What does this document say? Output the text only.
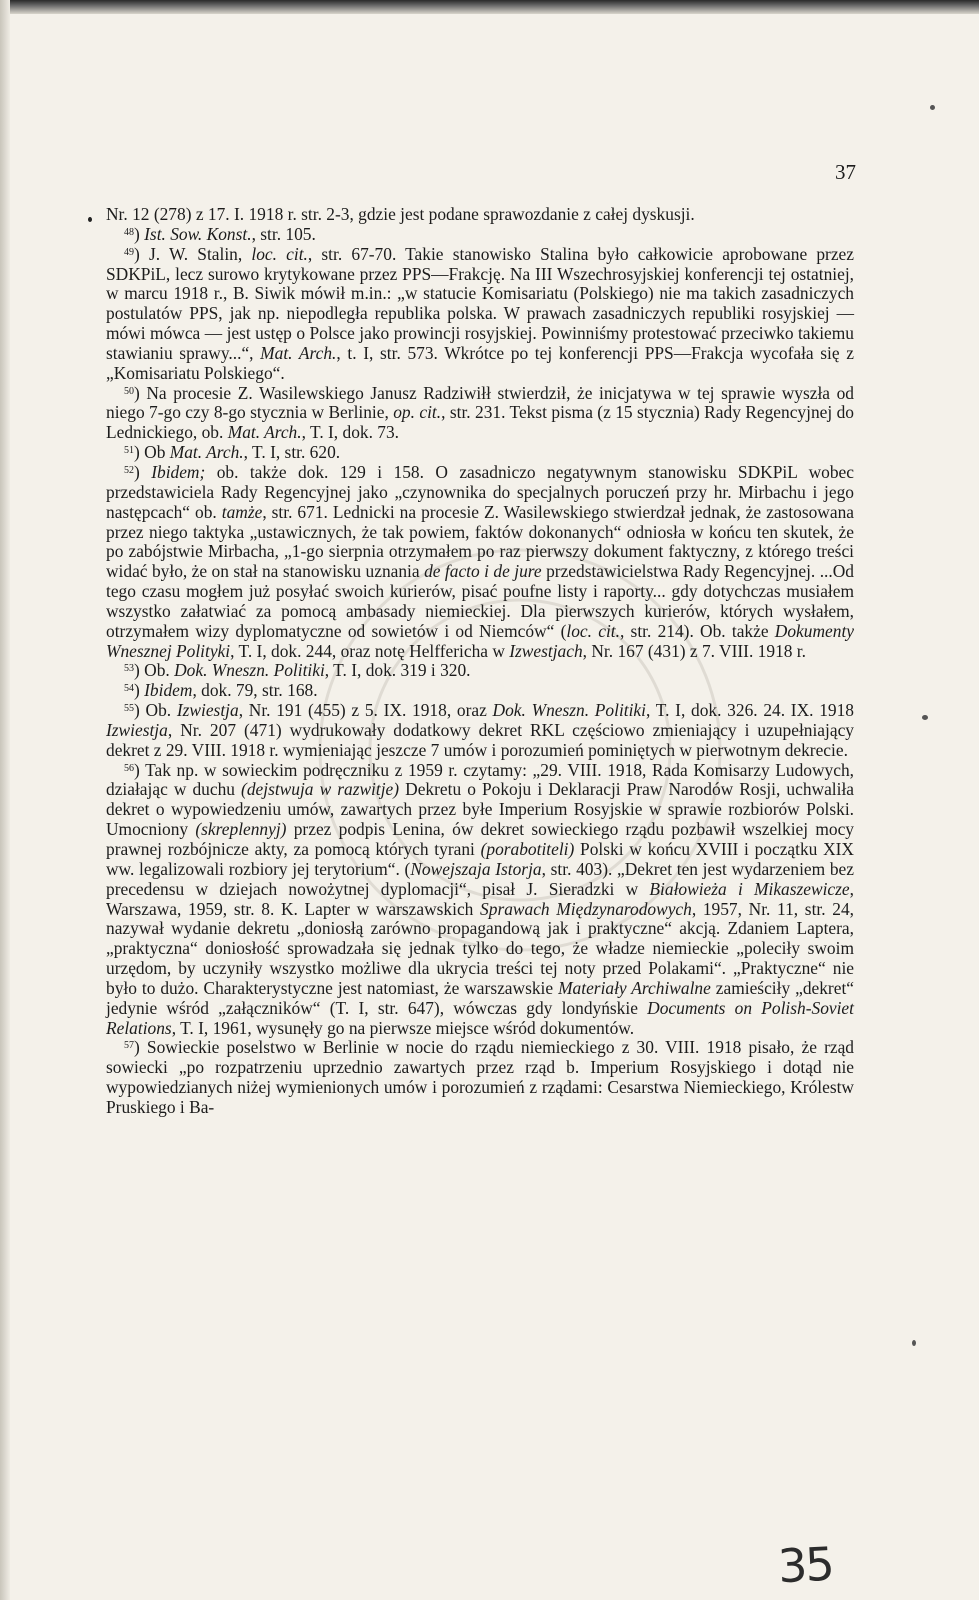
37

Nr. 12 (278) z 17. I. 1918 r. str. 2-3, gdzie jest podane sprawozdanie z całej dyskusji.

$^{48}$) Ist. Sow. Konst., str. 105.

$^{49}$) J. W. Stalin, loc. cit., str. 67-70. Takie stanowisko Stalina było całkowicie aprobowane przez SDKPiL, lecz surowo krytykowane przez PPS—Frakcję. Na III Wszechrosyjskiej konferencji tej ostatniej, w marcu 1918 r., B. Siwik mówił m.in.: „w statucie Komisariatu (Polskiego) nie ma takich zasadniczych postulatów PPS, jak np. niepodległa republika polska. W prawach zasadniczych republiki rosyjskiej — mówi mówca — jest ustęp o Polsce jako prowincji rosyjskiej. Powinniśmy protestować przeciwko takiemu stawianiu sprawy...“, Mat. Arch., t. I, str. 573. Wkrótce po tej konferencji PPS—Frakcja wycofała się z „Komisariatu Polskiego“.

$^{50}$) Na procesie Z. Wasilewskiego Janusz Radziwiłł stwierdził, że inicjatywa w tej sprawie wyszła od niego 7-go czy 8-go stycznia w Berlinie, op. cit., str. 231. Tekst pisma (z 15 stycznia) Rady Regencyjnej do Lednickiego, ob. Mat. Arch., T. I, dok. 73.

$^{51}$) Ob Mat. Arch., T. I, str. 620.

$^{52}$) Ibidem; ob. także dok. 129 i 158. O zasadniczo negatywnym stanowisku SDKPiL wobec przedstawiciela Rady Regencyjnej jako „czynownika do specjalnych poruczeń przy hr. Mirbachu i jego następcach“ ob. tamże, str. 671. Lednicki na procesie Z. Wasilewskiego stwierdzał jednak, że zastosowana przez niego taktyka „ustawicznych, że tak powiem, faktów dokonanych“ odniosła w końcu ten skutek, że po zabójstwie Mirbacha, „1-go sierpnia otrzymałem po raz pierwszy dokument faktyczny, z którego treści widać było, że on stał na stanowisku uznania de facto i de jure przedstawicielstwa Rady Regencyjnej. ...Od tego czasu mogłem już posyłać swoich kurierów, pisać poufne listy i raporty... gdy dotychczas musiałem wszystko załatwiać za pomocą ambasady niemieckiej. Dla pierwszych kurierów, których wysłałem, otrzymałem wizy dyplomatyczne od sowietów i od Niemców“ (loc. cit., str. 214). Ob. także Dokumenty Wnesznej Polityki, T. I, dok. 244, oraz notę Helffericha w Izwestjach, Nr. 167 (431) z 7. VIII. 1918 r.

$^{53}$) Ob. Dok. Wneszn. Politiki, T. I, dok. 319 i 320.

$^{54}$) Ibidem, dok. 79, str. 168.

$^{55}$) Ob. Izwiestja, Nr. 191 (455) z 5. IX. 1918, oraz Dok. Wneszn. Politiki, T. I, dok. 326. 24. IX. 1918 Izwiestja, Nr. 207 (471) wydrukowały dodatkowy dekret RKL częściowo zmieniający i uzupełniający dekret z 29. VIII. 1918 r. wymieniając jeszcze 7 umów i porozumień pominiętych w pierwotnym dekrecie.

$^{56}$) Tak np. w sowieckim podręczniku z 1959 r. czytamy: „29. VIII. 1918, Rada Komisarzy Ludowych, działając w duchu (dejstwuja w razwitje) Dekretu o Pokoju i Deklaracji Praw Narodów Rosji, uchwaliła dekret o wypowiedzeniu umów, zawartych przez byłe Imperium Rosyjskie w sprawie rozbiorów Polski. Umocniony (skreplennyj) przez podpis Lenina, ów dekret sowieckiego rządu pozbawił wszelkiej mocy prawnej rozbójnicze akty, za pomocą których tyrani (porabotiteli) Polski w końcu XVIII i początku XIX ww. legalizowali rozbiory jej terytorium“. (Nowejszaja Istorja, str. 403). „Dekret ten jest wydarzeniem bez precedensu w dziejach nowożytnej dyplomacji“, pisał J. Sieradzki w Białowieża i Mikaszewicze, Warszawa, 1959, str. 8. K. Lapter w warszawskich Sprawach Międzynarodowych, 1957, Nr. 11, str. 24, nazywał wydanie dekretu „doniosłą zarówno propagandową jak i praktyczne“ akcją. Zdaniem Laptera, „praktyczna“ doniosłość sprowadzała się jednak tylko do tego, że władze niemieckie „poleciły swoim urzędom, by uczyniły wszystko możliwe dla ukrycia treści tej noty przed Polakami“. „Praktyczne“ nie było to dużo. Charakterystyczne jest natomiast, że warszawskie Materiały Archiwalne zamieściły „dekret“ jedynie wśród „załączników“ (T. I, str. 647), wówczas gdy londyńskie Documents on Polish-Soviet Relations, T. I, 1961, wysunęły go na pierwsze miejsce wśród dokumentów.

$^{57}$) Sowieckie poselstwo w Berlinie w nocie do rządu niemieckiego z 30. VIII. 1918 pisało, że rząd sowiecki „po rozpatrzeniu uprzednio zawartych przez rząd b. Imperium Rosyjskiego i dotąd nie wypowiedzianych niżej wymienionych umów i porozumień z rządami: Cesarstwa Niemieckiego, Królestw Pruskiego i Ba-

35
